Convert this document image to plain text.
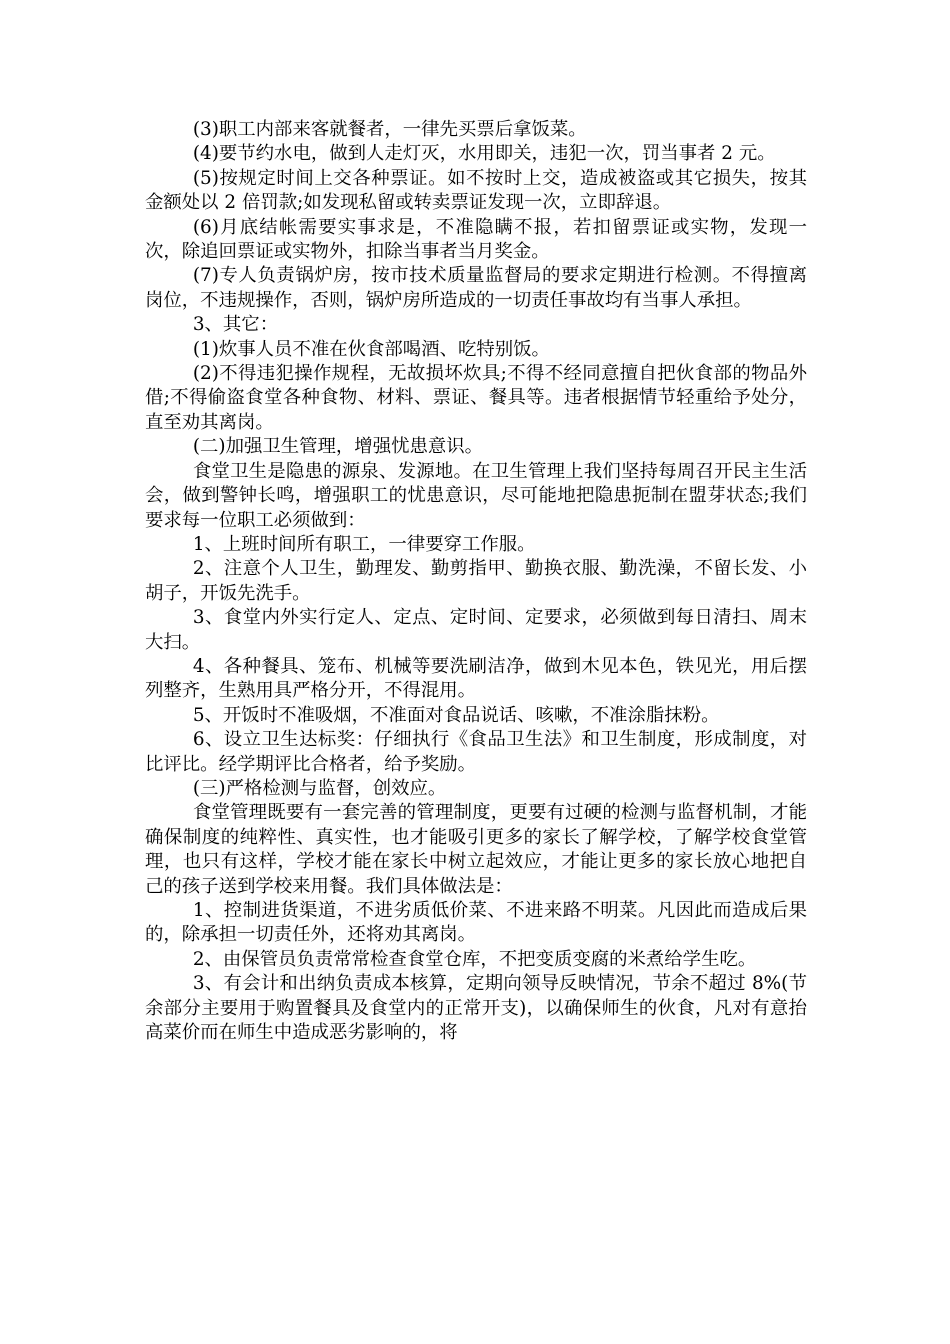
(3)职工内部来客就餐者，一律先买票后拿饭菜。

(4)要节约水电，做到人走灯灭，水用即关，违犯一次，罚当事者 2 元。

(5)按规定时间上交各种票证。如不按时上交，造成被盗或其它损失，按其金额处以 2 倍罚款;如发现私留或转卖票证发现一次，立即辞退。

(6)月底结帐需要实事求是，不准隐瞒不报，若扣留票证或实物，发现一次，除追回票证或实物外，扣除当事者当月奖金。

(7)专人负责锅炉房，按市技术质量监督局的要求定期进行检测。不得擅离岗位，不违规操作，否则，锅炉房所造成的一切责任事故均有当事人承担。

3、其它：

(1)炊事人员不准在伙食部喝酒、吃特别饭。

(2)不得违犯操作规程，无故损坏炊具;不得不经同意擅自把伙食部的物品外借;不得偷盗食堂各种食物、材料、票证、餐具等。违者根据情节轻重给予处分，直至劝其离岗。

(二)加强卫生管理，增强忧患意识。

食堂卫生是隐患的源泉、发源地。在卫生管理上我们坚持每周召开民主生活会，做到警钟长鸣，增强职工的忧患意识，尽可能地把隐患扼制在盟芽状态;我们要求每一位职工必须做到：

1、上班时间所有职工，一律要穿工作服。

2、注意个人卫生，勤理发、勤剪指甲、勤换衣服、勤洗澡，不留长发、小胡子，开饭先洗手。

3、食堂内外实行定人、定点、定时间、定要求，必须做到每日清扫、周末大扫。

4、各种餐具、笼布、机械等要洗刷洁净，做到木见本色，铁见光，用后摆列整齐，生熟用具严格分开，不得混用。

5、开饭时不准吸烟，不准面对食品说话、咳嗽，不准涂脂抹粉。

6、设立卫生达标奖：仔细执行《食品卫生法》和卫生制度，形成制度，对比评比。经学期评比合格者，给予奖励。

(三)严格检测与监督，创效应。

食堂管理既要有一套完善的管理制度，更要有过硬的检测与监督机制，才能确保制度的纯粹性、真实性，也才能吸引更多的家长了解学校，了解学校食堂管理，也只有这样，学校才能在家长中树立起效应，才能让更多的家长放心地把自己的孩子送到学校来用餐。我们具体做法是：

1、控制进货渠道，不进劣质低价菜、不进来路不明菜。凡因此而造成后果的，除承担一切责任外，还将劝其离岗。

2、由保管员负责常常检查食堂仓库，不把变质变腐的米煮给学生吃。

3、有会计和出纳负责成本核算，定期向领导反映情况，节余不超过 8%(节余部分主要用于购置餐具及食堂内的正常开支)，以确保师生的伙食，凡对有意抬高菜价而在师生中造成恶劣影响的，将
